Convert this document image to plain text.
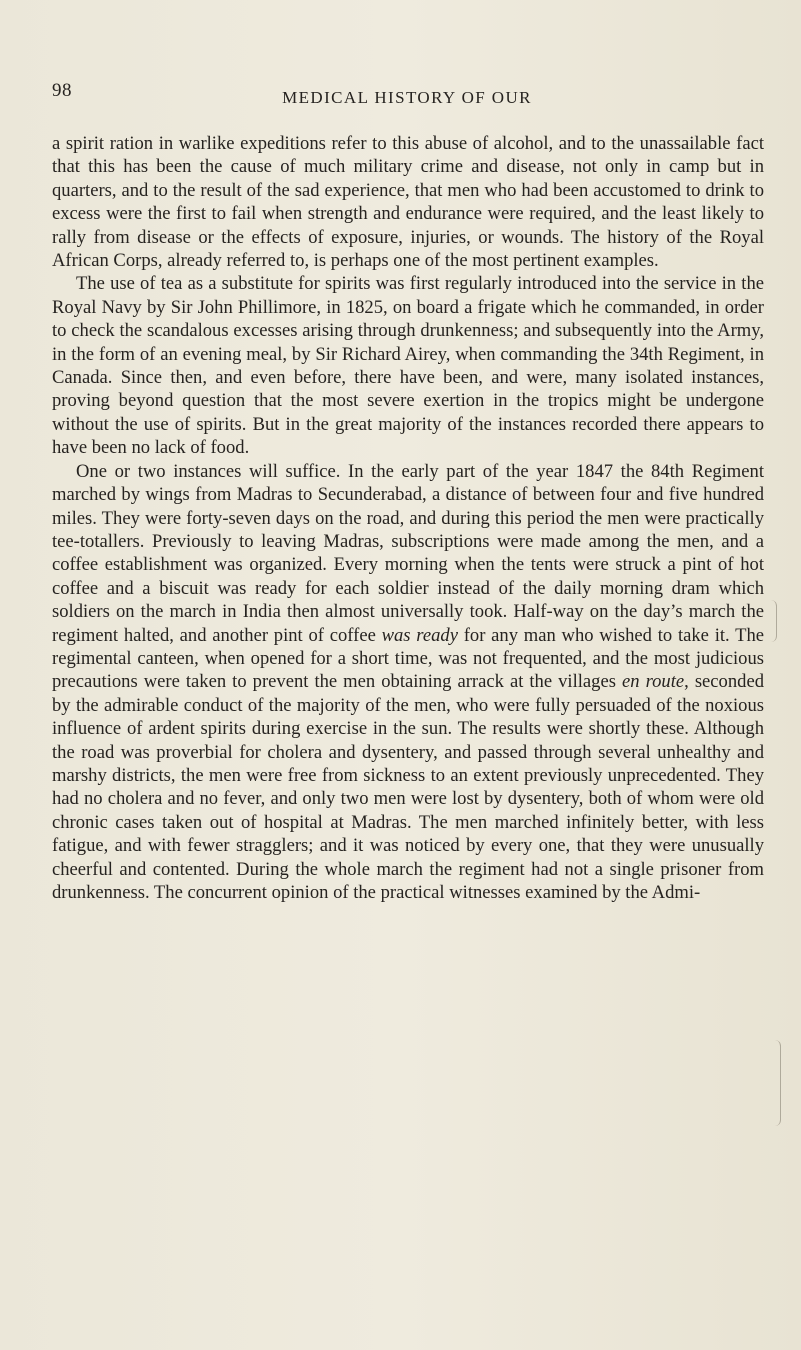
98	MEDICAL HISTORY OF OUR

a spirit ration in warlike expeditions refer to this abuse of alcohol, and to the unassailable fact that this has been the cause of much military crime and disease, not only in camp but in quarters, and to the result of the sad experience, that men who had been accustomed to drink to excess were the first to fail when strength and endurance were required, and the least likely to rally from disease or the effects of exposure, injuries, or wounds. The history of the Royal African Corps, already referred to, is perhaps one of the most pertinent examples.

The use of tea as a substitute for spirits was first regularly introduced into the service in the Royal Navy by Sir John Phillimore, in 1825, on board a frigate which he commanded, in order to check the scandalous excesses arising through drunkenness; and subsequently into the Army, in the form of an evening meal, by Sir Richard Airey, when commanding the 34th Regiment, in Canada. Since then, and even before, there have been, and were, many isolated instances, proving beyond question that the most severe exertion in the tropics might be undergone without the use of spirits. But in the great majority of the instances recorded there appears to have been no lack of food.

One or two instances will suffice. In the early part of the year 1847 the 84th Regiment marched by wings from Madras to Secunderabad, a distance of between four and five hundred miles. They were forty-seven days on the road, and during this period the men were practically tee-totallers. Previously to leaving Madras, subscriptions were made among the men, and a coffee establishment was organized. Every morning when the tents were struck a pint of hot coffee and a biscuit was ready for each soldier instead of the daily morning dram which soldiers on the march in India then almost universally took. Half-way on the day’s march the regiment halted, and another pint of coffee was ready for any man who wished to take it. The regimental canteen, when opened for a short time, was not frequented, and the most judicious precautions were taken to prevent the men obtaining arrack at the villages en route, seconded by the admirable conduct of the majority of the men, who were fully persuaded of the noxious influence of ardent spirits during exercise in the sun. The results were shortly these. Although the road was proverbial for cholera and dysentery, and passed through several unhealthy and marshy districts, the men were free from sickness to an extent previously unprecedented. They had no cholera and no fever, and only two men were lost by dysentery, both of whom were old chronic cases taken out of hospital at Madras. The men marched infinitely better, with less fatigue, and with fewer stragglers; and it was noticed by every one, that they were unusually cheerful and contented. During the whole march the regiment had not a single prisoner from drunkenness. The concurrent opinion of the practical witnesses examined by the Admi-
